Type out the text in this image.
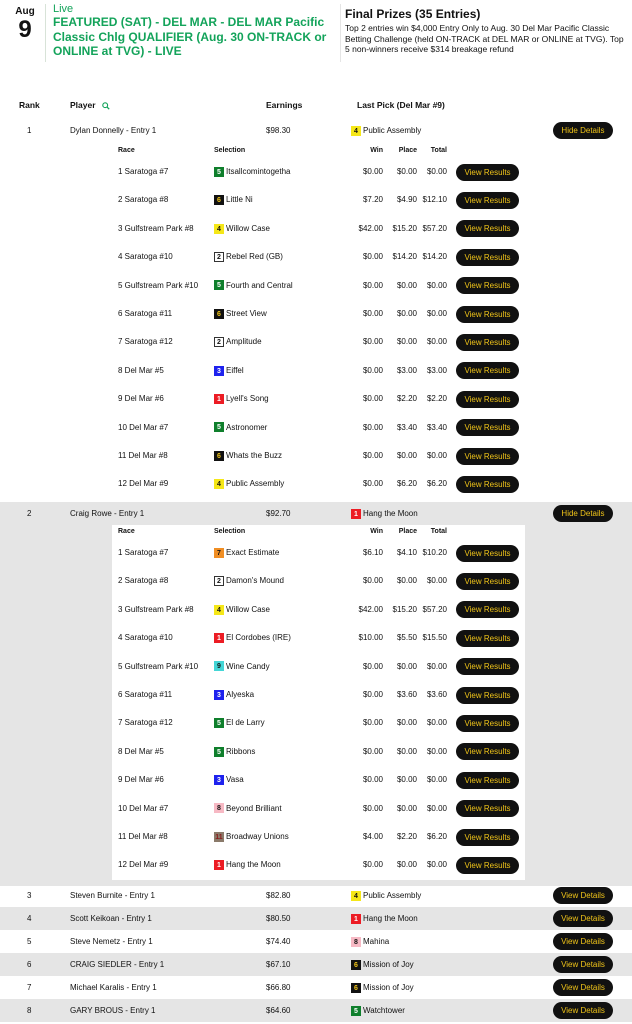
Aug
9
Live
FEATURED (SAT) - DEL MAR - DEL MAR Pacific Classic Chlg QUALIFIER (Aug. 30 ON-TRACK or ONLINE at TVG) - LIVE
Final Prizes (35 Entries)
Top 2 entries win $4,000 Entry Only to Aug. 30 Del Mar Pacific Classic Betting Challenge (held ON-TRACK at DEL MAR or ONLINE at TVG). Top 5 non-winners receive $314 breakage refund
Rank	Player	Earnings	Last Pick (Del Mar #9)
1	Dylan Donnelly - Entry 1	$98.30	4 Public Assembly	Hide Details
Race	Selection	Win Place Total
1 Saratoga #7	5 Itsallcomintogetha	$0.00 $0.00 $0.00	View Results
2 Saratoga #8	6 Little Ni	$7.20 $4.90 $12.10	View Results
3 Gulfstream Park #8	4 Willow Case	$42.00 $15.20 $57.20	View Results
4 Saratoga #10	2 Rebel Red (GB)	$0.00 $14.20 $14.20	View Results
5 Gulfstream Park #10	5 Fourth and Central	$0.00 $0.00 $0.00	View Results
6 Saratoga #11	6 Street View	$0.00 $0.00 $0.00	View Results
7 Saratoga #12	2 Amplitude	$0.00 $0.00 $0.00	View Results
8 Del Mar #5	3 Eiffel	$0.00 $3.00 $3.00	View Results
9 Del Mar #6	1 Lyell's Song	$0.00 $2.20 $2.20	View Results
10 Del Mar #7	5 Astronomer	$0.00 $3.40 $3.40	View Results
11 Del Mar #8	6 Whats the Buzz	$0.00 $0.00 $0.00	View Results
12 Del Mar #9	4 Public Assembly	$0.00 $6.20 $6.20	View Results
2	Craig Rowe - Entry 1	$92.70	1 Hang the Moon	Hide Details
Race	Selection	Win Place Total
1 Saratoga #7	7 Exact Estimate	$6.10 $4.10 $10.20	View Results
2 Saratoga #8	2 Damon's Mound	$0.00 $0.00 $0.00	View Results
3 Gulfstream Park #8	4 Willow Case	$42.00 $15.20 $57.20	View Results
4 Saratoga #10	1 El Cordobes (IRE)	$10.00 $5.50 $15.50	View Results
5 Gulfstream Park #10	9 Wine Candy	$0.00 $0.00 $0.00	View Results
6 Saratoga #11	3 Alyeska	$0.00 $3.60 $3.60	View Results
7 Saratoga #12	5 El de Larry	$0.00 $0.00 $0.00	View Results
8 Del Mar #5	5 Ribbons	$0.00 $0.00 $0.00	View Results
9 Del Mar #6	3 Vasa	$0.00 $0.00 $0.00	View Results
10 Del Mar #7	8 Beyond Brilliant	$0.00 $0.00 $0.00	View Results
11 Del Mar #8	11 Broadway Unions	$4.00 $2.20 $6.20	View Results
12 Del Mar #9	1 Hang the Moon	$0.00 $0.00 $0.00	View Results
3	Steven Burnite - Entry 1	$82.80	4 Public Assembly	View Details
4	Scott Keikoan - Entry 1	$80.50	1 Hang the Moon	View Details
5	Steve Nemetz - Entry 1	$74.40	8 Mahina	View Details
6	CRAIG SIEDLER - Entry 1	$67.10	6 Mission of Joy	View Details
7	Michael Karalis - Entry 1	$66.80	6 Mission of Joy	View Details
8	GARY BROUS - Entry 1	$64.60	5 Watchtower	View Details
